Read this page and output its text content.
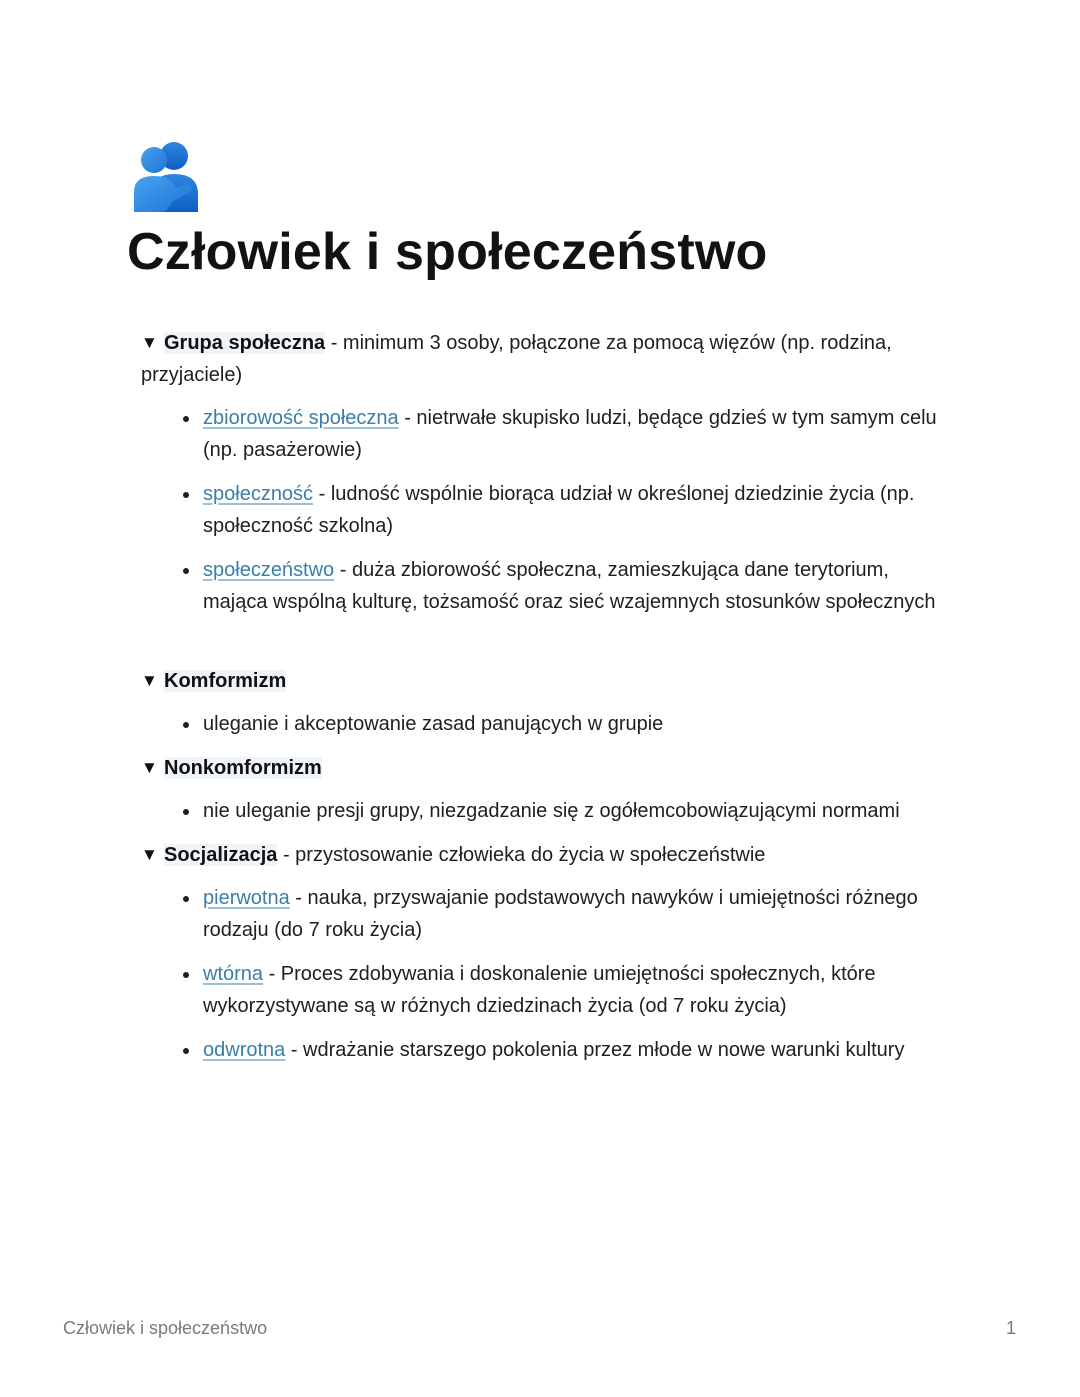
Człowiek i społeczeństwo
▼ Grupa społeczna - minimum 3 osoby, połączone za pomocą więzów (np. rodzina, przyjaciele)
zbiorowość społeczna - nietrwałe skupisko ludzi, będące gdzieś w tym samym celu (np. pasażerowie)
społeczność - ludność wspólnie biorąca udział w określonej dziedzinie życia (np. społeczność szkolna)
społeczeństwo - duża zbiorowość społeczna, zamieszkująca dane terytorium, mająca wspólną kulturę, tożsamość oraz sieć wzajemnych stosunków społecznych
▼ Komformizm
uleganie i akceptowanie zasad panujących w grupie
▼ Nonkomformizm
nie uleganie presji grupy, niezgadzanie się z ogółemcobowiązującymi normami
▼ Socjalizacja - przystosowanie człowieka do życia w społeczeństwie
pierwotna - nauka, przyswajanie podstawowych nawyków i umiejętności różnego rodzaju (do 7 roku życia)
wtórna - Proces zdobywania i doskonalenie umiejętności społecznych, które wykorzystywane są w różnych dziedzinach życia (od 7 roku życia)
odwrotna - wdrażanie starszego pokolenia przez młode w nowe warunki kultury
Człowiek i społeczeństwo	1
